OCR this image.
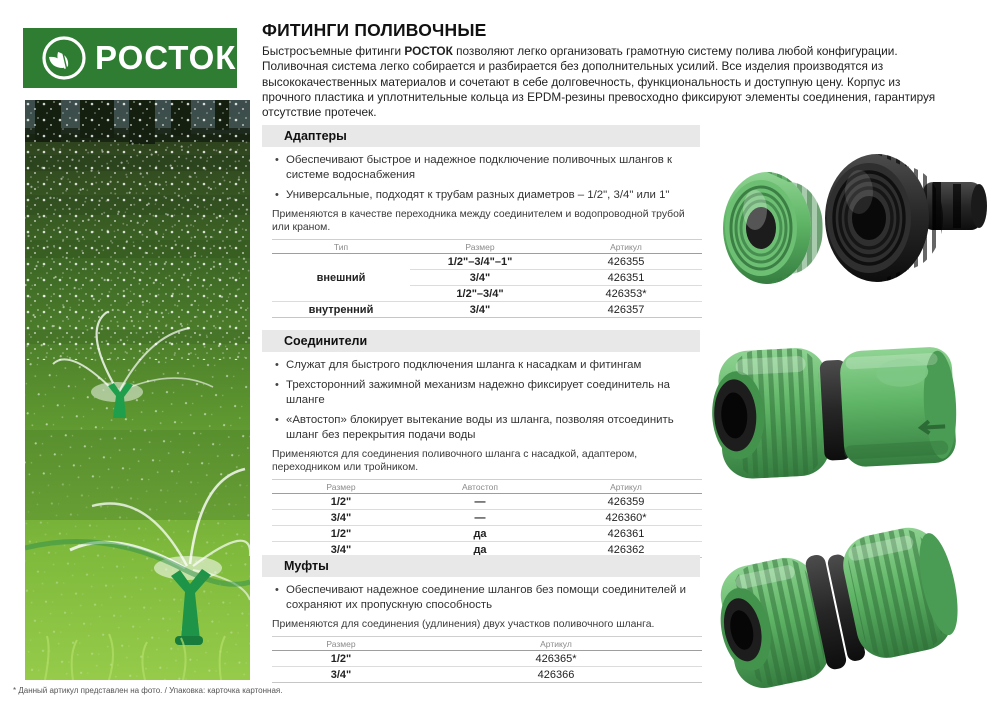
РОСТОК
ФИТИНГИ ПОЛИВОЧНЫЕ

Быстросъемные фитинги РОСТОК позволяют легко организовать грамотную систему полива любой конфигурации. Поливочная система легко собирается и разбирается без дополнительных усилий. Все изделия производятся из высококачественных материалов и сочетают в себе долговечность, функциональность и доступную цену. Корпус из прочного пластика и уплотнительные кольца из EPDM-резины превосходно фиксируют элементы соединения, гарантируя отсутствие протечек.

Адаптеры
• Обеспечивают быстрое и надежное подключение поливочных шлангов к системе водоснабжения
• Универсальные, подходят к трубам разных диаметров – 1/2", 3/4" или 1"
Применяются в качестве переходника между соединителем и водопроводной трубой или краном.
Тип	Размер	Артикул
внешний	1/2"–3/4"–1"	426355
	3/4"	426351
	1/2"–3/4"	426353*
внутренний	3/4"	426357
Соединители
• Служат для быстрого подключения шланга к насадкам и фитингам
• Трехсторонний зажимной механизм надежно фиксирует соединитель на шланге
• «Автостоп» блокирует вытекание воды из шланга, позволяя отсоединить шланг без перекрытия подачи воды
Применяются для соединения поливочного шланга с насадкой, адаптером, переходником или тройником.
Размер	Автостоп	Артикул
1/2"	—	426359
3/4"	—	426360*
1/2"	да	426361
3/4"	да	426362
Муфты
• Обеспечивают надежное соединение шлангов без помощи соединителей и сохраняют их пропускную способность
Применяются для соединения (удлинения) двух участков поливочного шланга.
Размер	Артикул
1/2"	426365*
3/4"	426366
* Данный артикул представлен на фото. / Упаковка: карточка картонная.
